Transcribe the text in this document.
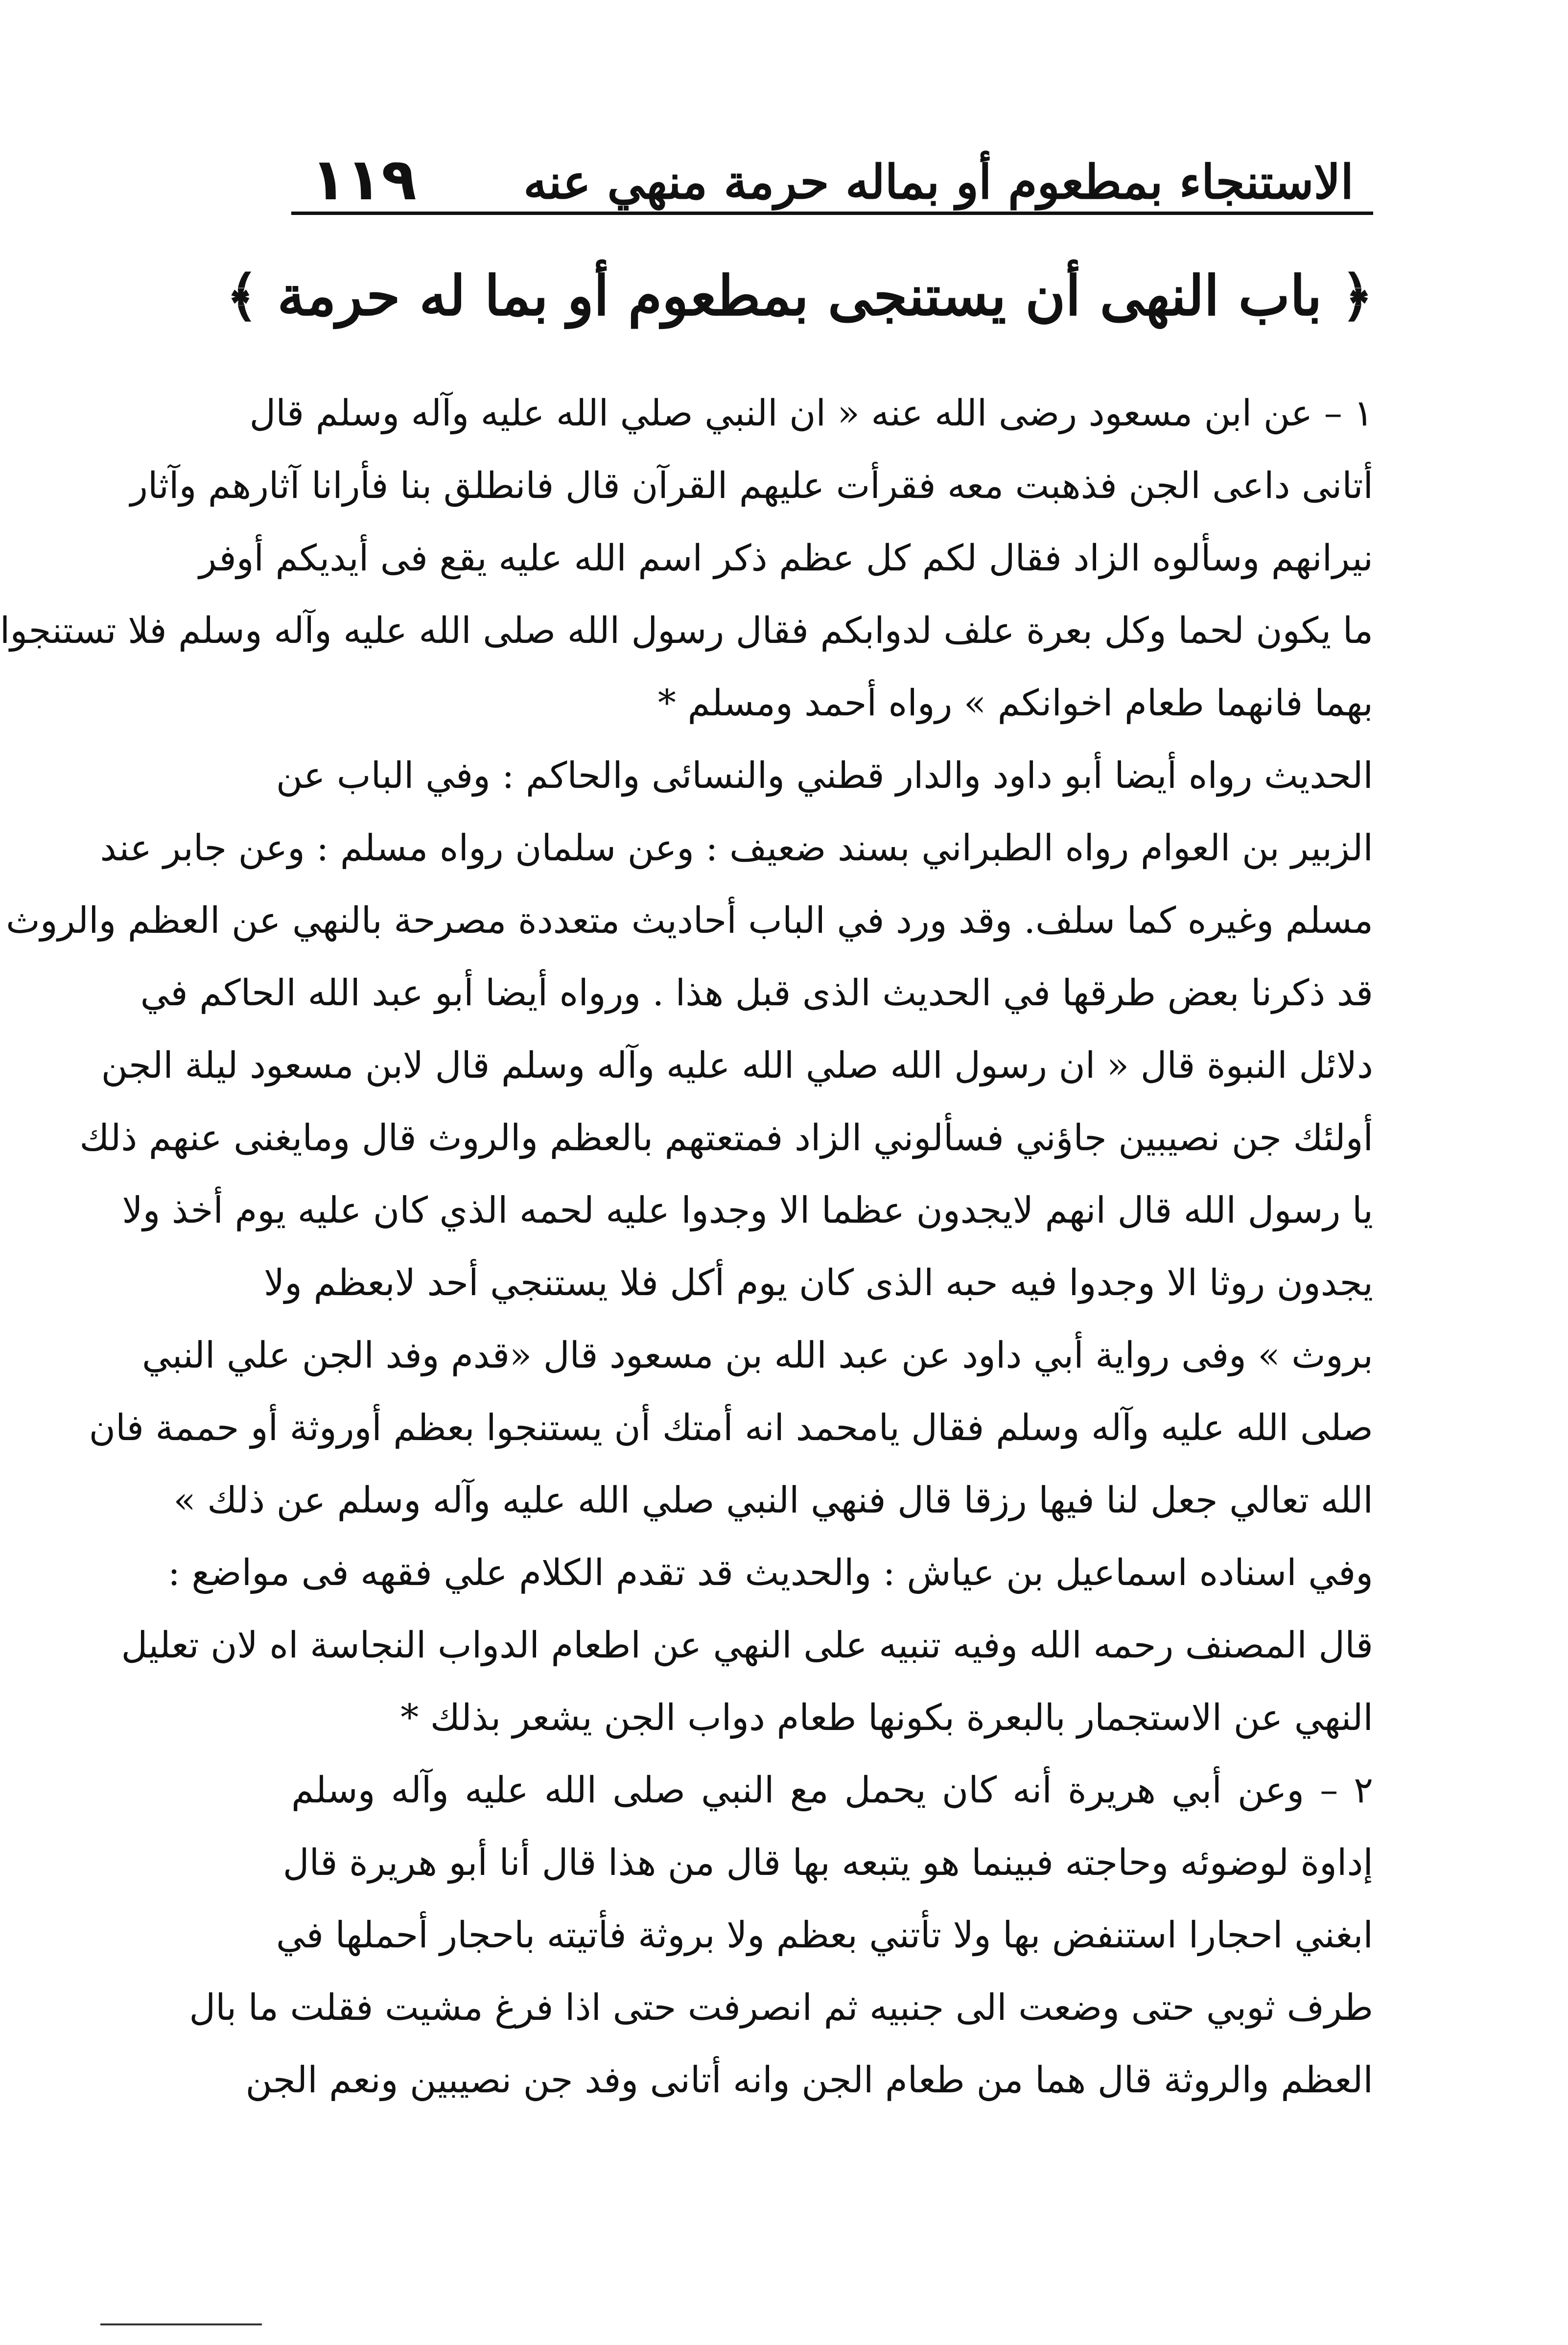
الاستنجاء بمطعوم أو بماله حرمة منهي عنه
١١٩
﴿ باب النهى أن يستنجى بمطعوم أو بما له حرمة ﴾
١ – عن ابن مسعود رضى الله عنه « ان النبي صلي الله عليه وآله وسلم قال
أتانى داعى الجن فذهبت معه فقرأت عليهم القرآن قال فانطلق بنا فأرانا آثارهم وآثار
نيرانهم وسألوه الزاد فقال لكم كل عظم ذكر اسم الله عليه يقع فى أيديكم أوفر
ما يكون لحما وكل بعرة علف لدوابكم فقال رسول الله صلى الله عليه وآله وسلم فلا تستنجوا
بهما فانهما طعام اخوانكم » رواه أحمد ومسلم *
الحديث رواه أيضا أبو داود والدار قطني والنسائى والحاكم : وفي الباب عن
الزبير بن العوام رواه الطبراني بسند ضعيف : وعن سلمان رواه مسلم : وعن جابر عند
مسلم وغيره كما سلف. وقد ورد في الباب أحاديث متعددة مصرحة بالنهي عن العظم والروث
قد ذكرنا بعض طرقها في الحديث الذى قبل هذا . ورواه أيضا أبو عبد الله الحاكم في
دلائل النبوة قال « ان رسول الله صلي الله عليه وآله وسلم قال لابن مسعود ليلة الجن
أولئك جن نصيبين جاؤني فسألوني الزاد فمتعتهم بالعظم والروث قال ومايغنى عنهم ذلك
يا رسول الله قال انهم لايجدون عظما الا وجدوا عليه لحمه الذي كان عليه يوم أخذ ولا
يجدون روثا الا وجدوا فيه حبه الذى كان يوم أكل فلا يستنجي أحد لابعظم ولا
بروث » وفى رواية أبي داود عن عبد الله بن مسعود قال «قدم وفد الجن علي النبي
صلى الله عليه وآله وسلم فقال يامحمد انه أمتك أن يستنجوا بعظم أوروثة أو حممة فان
الله تعالي جعل لنا فيها رزقا قال فنهي النبي صلي الله عليه وآله وسلم عن ذلك »
وفي اسناده اسماعيل بن عياش : والحديث قد تقدم الكلام علي فقهه فى مواضع :
قال المصنف رحمه الله وفيه تنبيه على النهي عن اطعام الدواب النجاسة اه لان تعليل
النهي عن الاستجمار بالبعرة بكونها طعام دواب الجن يشعر بذلك *
٢ – وعن أبي هريرة أنه كان يحمل مع النبي صلى الله عليه وآله وسلم
إداوة لوضوئه وحاجته فبينما هو يتبعه بها قال من هذا قال أنا أبو هريرة قال
ابغني احجارا استنفض بها ولا تأتني بعظم ولا بروثة فأتيته باحجار أحملها في
طرف ثوبي حتى وضعت الى جنبيه ثم انصرفت حتى اذا فرغ مشيت فقلت ما بال
العظم والروثة قال هما من طعام الجن وانه أتانى وفد جن نصيبين ونعم الجن
